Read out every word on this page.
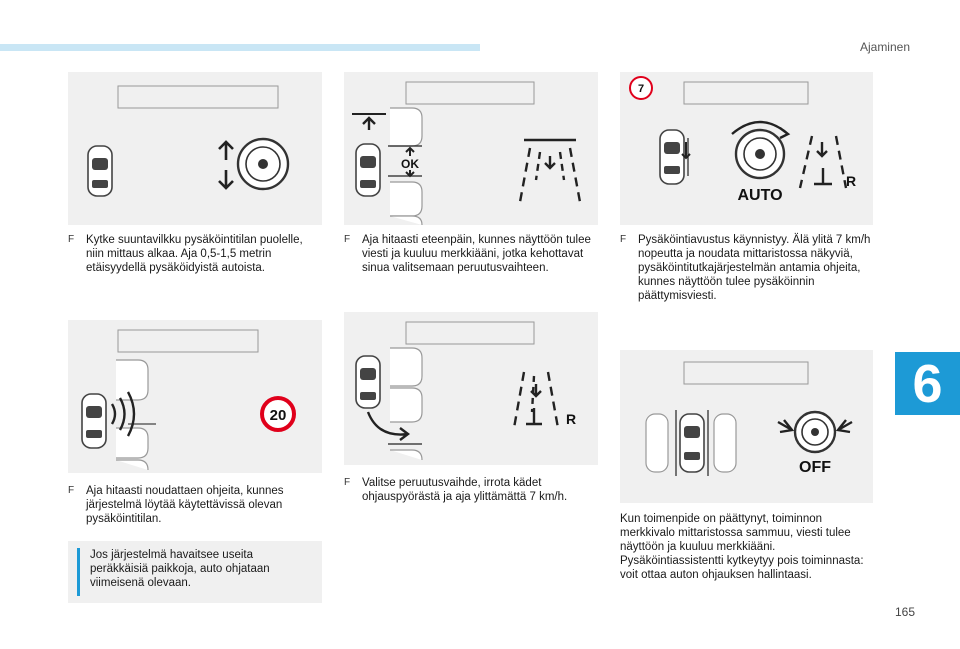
Ajaminen
6
165
F Kytke suuntavilkku pysäköintitilan puolelle, niin mittaus alkaa. Aja 0,5-1,5 metrin etäisyydellä pysäköidyistä autoista.
20
F Aja hitaasti noudattaen ohjeita, kunnes järjestelmä löytää käytettävissä olevan pysäköintitilan.
Jos järjestelmä havaitsee useita peräkkäisiä paikkoja, auto ohjataan viimeisenä olevaan.
OK
F Aja hitaasti eteenpäin, kunnes näyttöön tulee viesti ja kuuluu merkkiääni, jotka kehottavat sinua valitsemaan peruutusvaihteen.
R
F Valitse peruutusvaihde, irrota kädet ohjauspyörästä ja aja ylittämättä 7 km/h.
7
AUTO
R
F Pysäköintiavustus käynnistyy. Älä ylitä 7 km/h nopeutta ja noudata mittaristossa näkyviä, pysäköintitutkajärjestelmän antamia ohjeita, kunnes näyttöön tulee pysäköinnin päättymisviesti.
OFF
Kun toimenpide on päättynyt, toiminnon merkkivalo mittaristossa sammuu, viesti tulee näyttöön ja kuuluu merkkiääni. Pysäköintiassistentti kytkeytyy pois toiminnasta: voit ottaa auton ohjauksen hallintaasi.
